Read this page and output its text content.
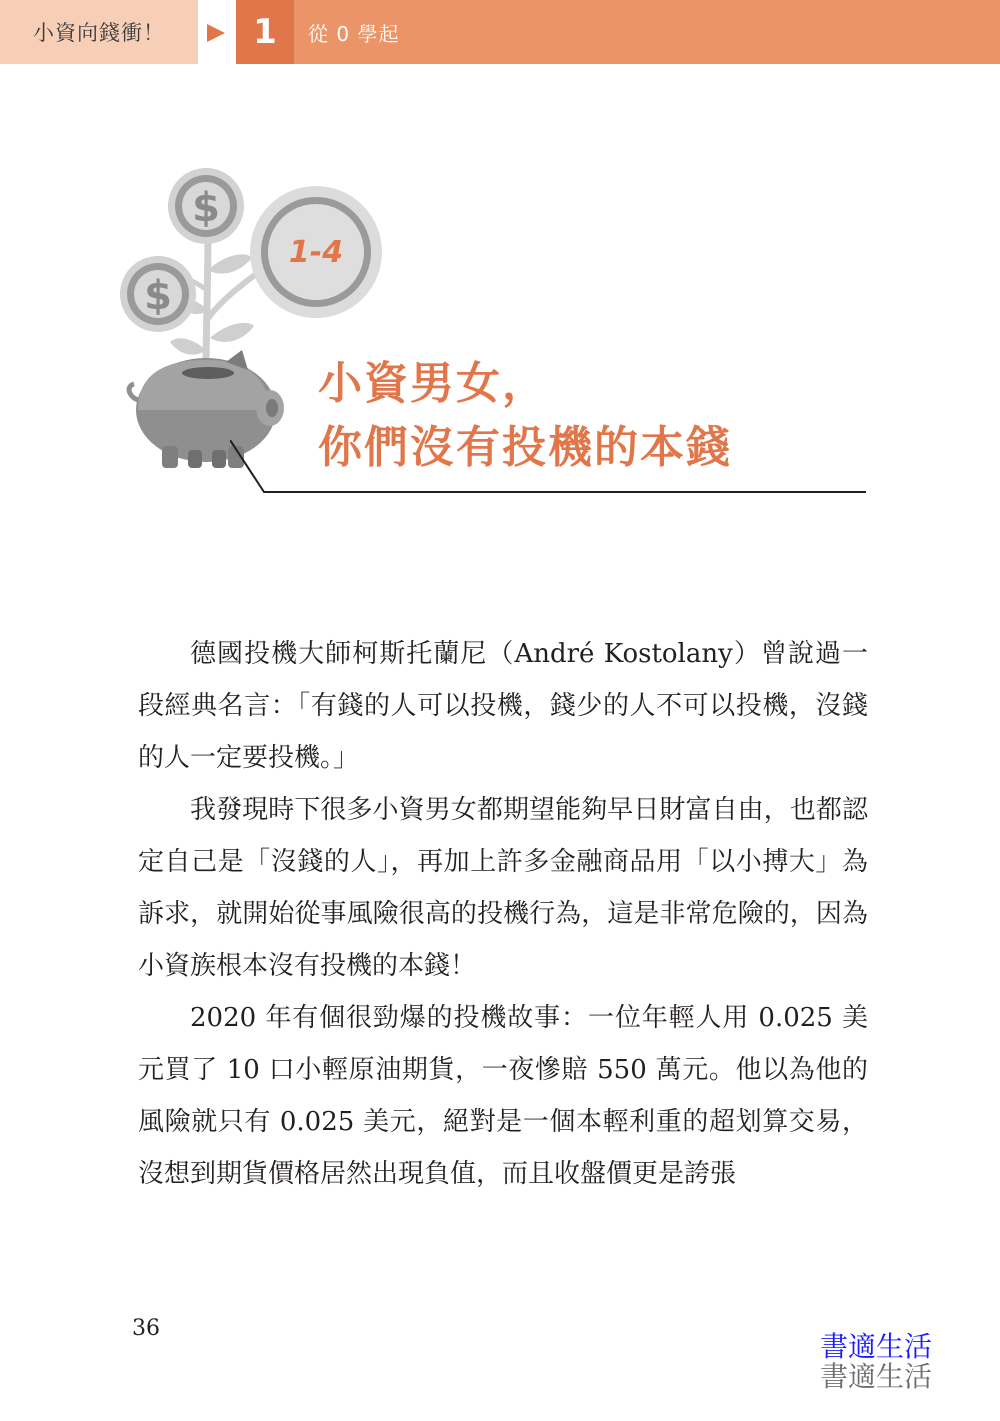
小資向錢衝！	1	從 0 學起
$
$
1-4
小資男女，
你們沒有投機的本錢

德國投機大師柯斯托蘭尼（André Kostolany）曾說過一段經典名言：「有錢的人可以投機，錢少的人不可以投機，沒錢的人一定要投機。」

我發現時下很多小資男女都期望能夠早日財富自由，也都認定自己是「沒錢的人」，再加上許多金融商品用「以小搏大」為訴求，就開始從事風險很高的投機行為，這是非常危險的，因為小資族根本沒有投機的本錢！

2020 年有個很勁爆的投機故事：一位年輕人用 0.025 美元買了 10 口小輕原油期貨，一夜慘賠 550 萬元。他以為他的風險就只有 0.025 美元，絕對是一個本輕利重的超划算交易，沒想到期貨價格居然出現負值，而且收盤價更是誇張

36
書適生活
書適生活
